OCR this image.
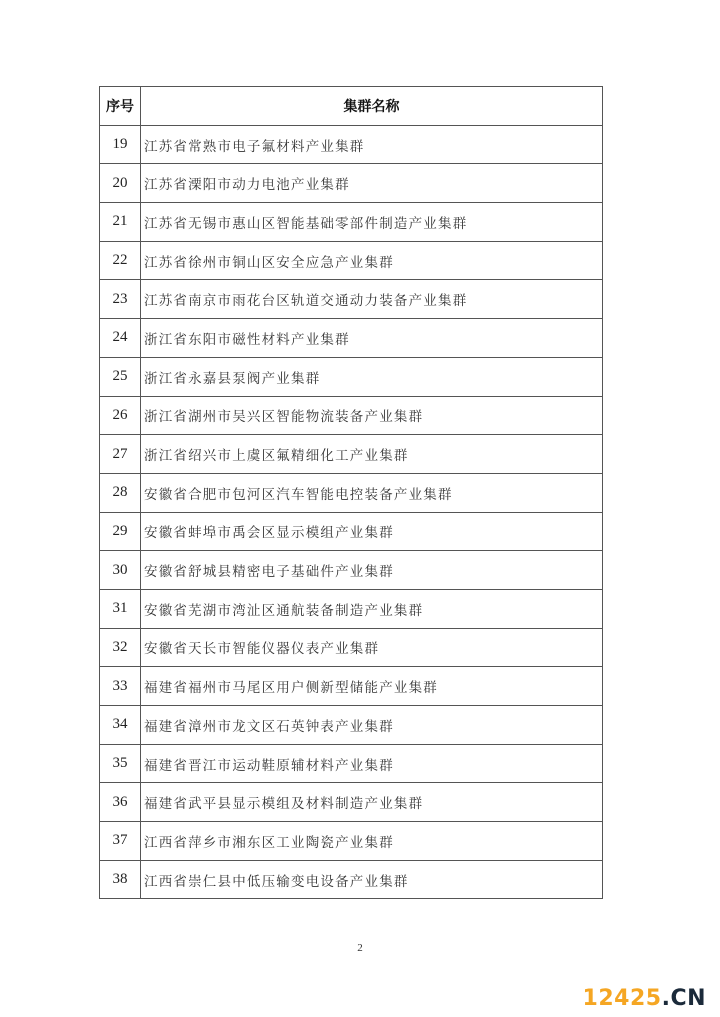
序号	集群名称
19	江苏省常熟市电子氟材料产业集群
20	江苏省溧阳市动力电池产业集群
21	江苏省无锡市惠山区智能基础零部件制造产业集群
22	江苏省徐州市铜山区安全应急产业集群
23	江苏省南京市雨花台区轨道交通动力装备产业集群
24	浙江省东阳市磁性材料产业集群
25	浙江省永嘉县泵阀产业集群
26	浙江省湖州市吴兴区智能物流装备产业集群
27	浙江省绍兴市上虞区氟精细化工产业集群
28	安徽省合肥市包河区汽车智能电控装备产业集群
29	安徽省蚌埠市禹会区显示模组产业集群
30	安徽省舒城县精密电子基础件产业集群
31	安徽省芜湖市湾沚区通航装备制造产业集群
32	安徽省天长市智能仪器仪表产业集群
33	福建省福州市马尾区用户侧新型储能产业集群
34	福建省漳州市龙文区石英钟表产业集群
35	福建省晋江市运动鞋原辅材料产业集群
36	福建省武平县显示模组及材料制造产业集群
37	江西省萍乡市湘东区工业陶瓷产业集群
38	江西省崇仁县中低压输变电设备产业集群
2
12425.CN
